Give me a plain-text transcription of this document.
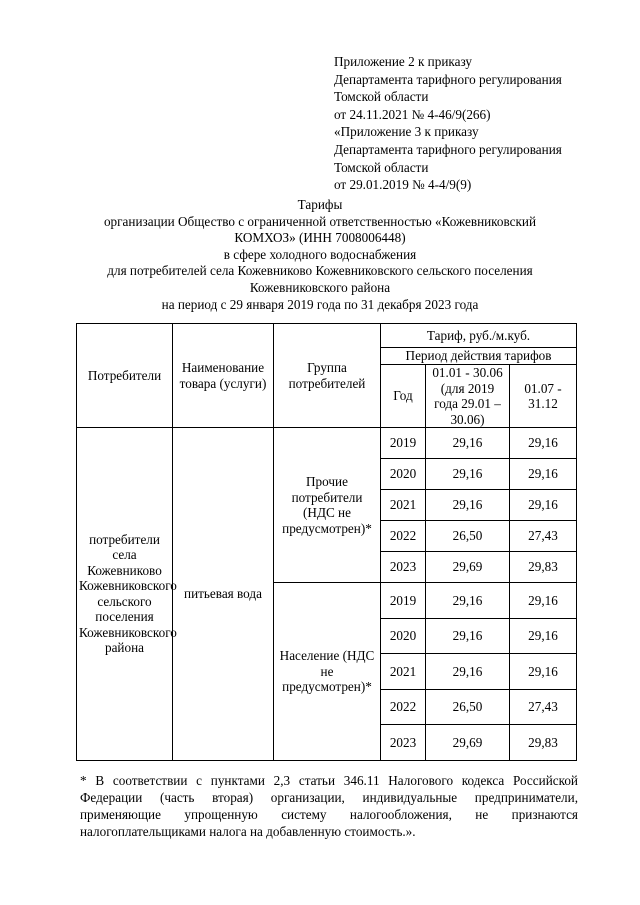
Приложение 2 к приказу
Департамента тарифного регулирования
Томской области
от 24.11.2021 № 4-46/9(266)
«Приложение 3 к приказу
Департамента тарифного регулирования
Томской области
от 29.01.2019 № 4-4/9(9)
Тарифы
организации Общество с ограниченной ответственностью «Кожевниковский
КОМХОЗ» (ИНН 7008006448)
в сфере холодного водоснабжения
для потребителей села Кожевниково Кожевниковского сельского поселения
Кожевниковского района
на период с 29 января 2019 года по 31 декабря 2023 года
Потребители	Наименование товара (услуги)	Группа потребителей	Тариф, руб./м.куб.		
			Период действия тарифов		
			Год	01.01 - 30.06 (для 2019 года 29.01 – 30.06)	01.07 - 31.12
потребители села Кожевниково Кожевниковского сельского поселения Кожевниковского района	питьевая вода	Прочие потребители (НДС не предусмотрен)*	2019	29,16	29,16
			2020	29,16	29,16
			2021	29,16	29,16
			2022	26,50	27,43
			2023	29,69	29,83
		Население (НДС не предусмотрен)*	2019	29,16	29,16
			2020	29,16	29,16
			2021	29,16	29,16
			2022	26,50	27,43
			2023	29,69	29,83
* В соответствии с пунктами 2,3 статьи 346.11 Налогового кодекса Российской
Федерации (часть вторая) организации, индивидуальные предприниматели,
применяющие упрощенную систему налогообложения, не признаются
налогоплательщиками налога на добавленную стоимость.».
